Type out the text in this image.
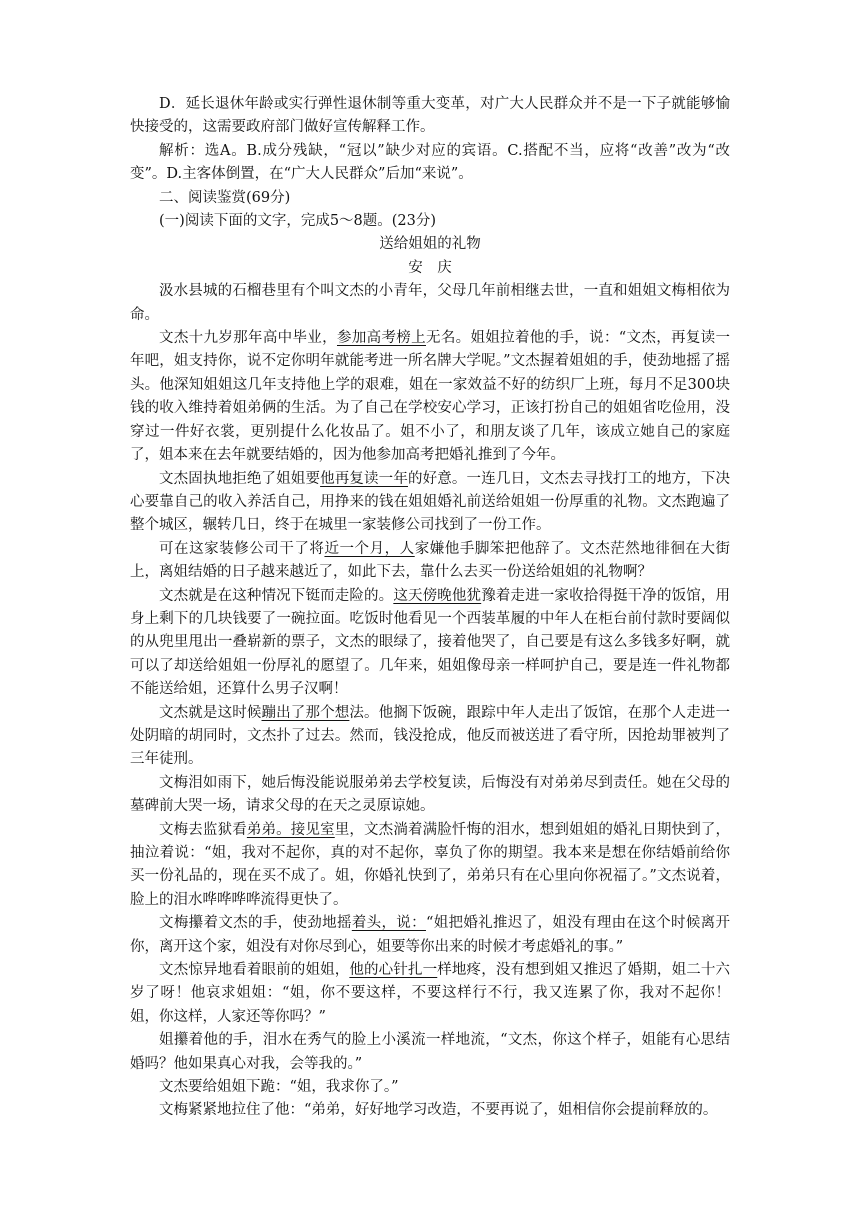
D．延长退休年龄或实行弹性退休制等重大变革，对广大人民群众并不是一下子就能够愉快接受的，这需要政府部门做好宣传解释工作。

解析：选A。B.成分残缺，“冠以”缺少对应的宾语。C.搭配不当，应将“改善”改为“改变”。D.主客体倒置，在“广大人民群众”后加“来说”。

二、阅读鉴赏(69分)

(一)阅读下面的文字，完成5～8题。(23分)

送给姐姐的礼物

安　庆

汲水县城的石榴巷里有个叫文杰的小青年，父母几年前相继去世，一直和姐姐文梅相依为命。

文杰十九岁那年高中毕业，参加高考榜上无名。姐姐拉着他的手，说：“文杰，再复读一年吧，姐支持你，说不定你明年就能考进一所名牌大学呢。”文杰握着姐姐的手，使劲地摇了摇头。他深知姐姐这几年支持他上学的艰难，姐在一家效益不好的纺织厂上班，每月不足300块钱的收入维持着姐弟俩的生活。为了自己在学校安心学习，正该打扮自己的姐姐省吃俭用，没穿过一件好衣裳，更别提什么化妆品了。姐不小了，和朋友谈了几年，该成立她自己的家庭了，姐本来在去年就要结婚的，因为他参加高考把婚礼推到了今年。

文杰固执地拒绝了姐姐要他再复读一年的好意。一连几日，文杰去寻找打工的地方，下决心要靠自己的收入养活自己，用挣来的钱在姐姐婚礼前送给姐姐一份厚重的礼物。文杰跑遍了整个城区，辗转几日，终于在城里一家装修公司找到了一份工作。

可在这家装修公司干了将近一个月，人家嫌他手脚笨把他辞了。文杰茫然地徘徊在大街上，离姐结婚的日子越来越近了，如此下去，靠什么去买一份送给姐姐的礼物啊？

文杰就是在这种情况下铤而走险的。这天傍晚他犹豫着走进一家收拾得挺干净的饭馆，用身上剩下的几块钱要了一碗拉面。吃饭时他看见一个西装革履的中年人在柜台前付款时要阔似的从兜里甩出一叠崭新的票子，文杰的眼绿了，接着他哭了，自己要是有这么多钱多好啊，就可以了却送给姐姐一份厚礼的愿望了。几年来，姐姐像母亲一样呵护自己，要是连一件礼物都不能送给姐，还算什么男子汉啊！

文杰就是这时候蹦出了那个想法。他搁下饭碗，跟踪中年人走出了饭馆，在那个人走进一处阴暗的胡同时，文杰扑了过去。然而，钱没抢成，他反而被送进了看守所，因抢劫罪被判了三年徒刑。

文梅泪如雨下，她后悔没能说服弟弟去学校复读，后悔没有对弟弟尽到责任。她在父母的墓碑前大哭一场，请求父母的在天之灵原谅她。

文梅去监狱看弟弟。接见室里，文杰淌着满脸忏悔的泪水，想到姐姐的婚礼日期快到了，抽泣着说：“姐，我对不起你，真的对不起你，辜负了你的期望。我本来是想在你结婚前给你买一份礼品的，现在买不成了。姐，你婚礼快到了，弟弟只有在心里向你祝福了。”文杰说着，脸上的泪水哗哗哗哗流得更快了。

文梅攥着文杰的手，使劲地摇着头，说：“姐把婚礼推迟了，姐没有理由在这个时候离开你，离开这个家，姐没有对你尽到心，姐要等你出来的时候才考虑婚礼的事。”

文杰惊异地看着眼前的姐姐，他的心针扎一样地疼，没有想到姐又推迟了婚期，姐二十六岁了呀！他哀求姐姐：“姐，你不要这样，不要这样行不行，我又连累了你，我对不起你！姐，你这样，人家还等你吗？”

姐攥着他的手，泪水在秀气的脸上小溪流一样地流，“文杰，你这个样子，姐能有心思结婚吗？他如果真心对我，会等我的。”

文杰要给姐姐下跪：“姐，我求你了。”

文梅紧紧地拉住了他：“弟弟，好好地学习改造，不要再说了，姐相信你会提前释放的。
